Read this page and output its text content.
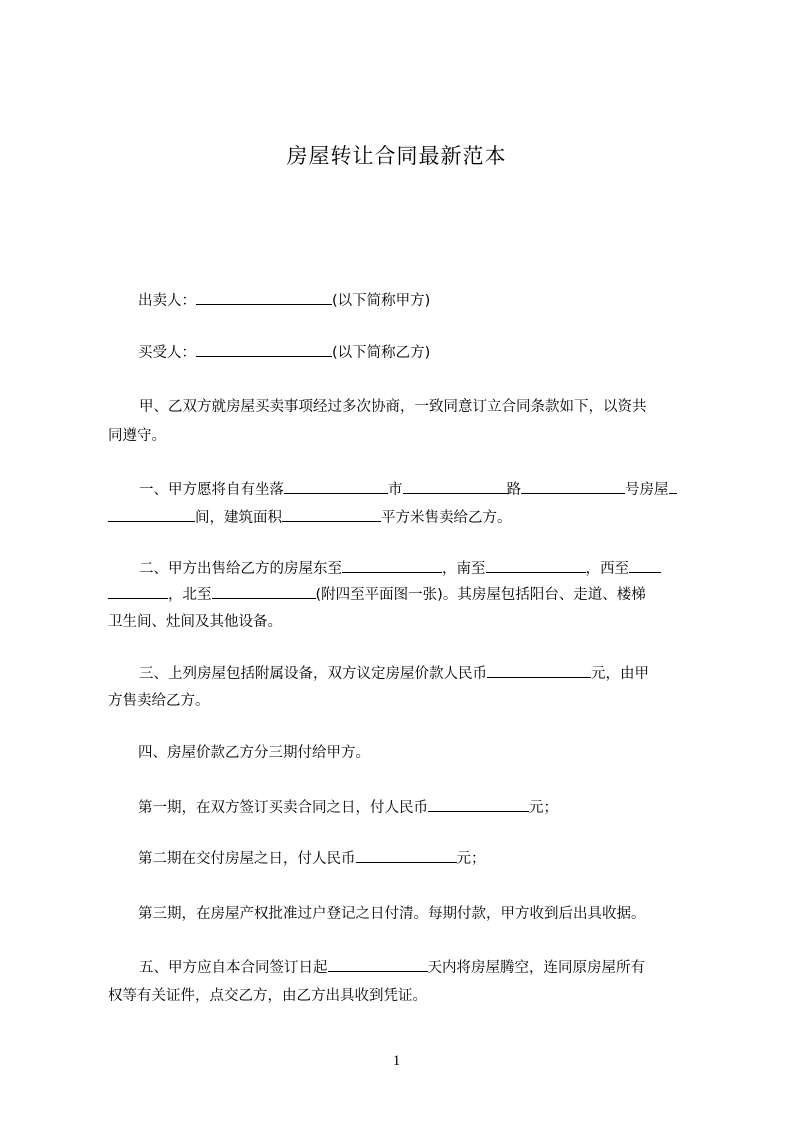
房屋转让合同最新范本
出卖人：	(以下简称甲方)
买受人：	(以下简称乙方)
甲、乙双方就房屋买卖事项经过多次协商，一致同意订立合同条款如下，以资共
同遵守。
一、甲方愿将自有坐落	市	路	号房屋
间，建筑面积	平方米售卖给乙方。
二、甲方出售给乙方的房屋东至	，南至	，西至
，北至	(附四至平面图一张)。其房屋包括阳台、走道、楼梯
卫生间、灶间及其他设备。
三、上列房屋包括附属设备，双方议定房屋价款人民币	元，由甲
方售卖给乙方。
四、房屋价款乙方分三期付给甲方。
第一期，在双方签订买卖合同之日，付人民币	元；
第二期在交付房屋之日，付人民币	元；
第三期，在房屋产权批准过户登记之日付清。每期付款，甲方收到后出具收据。
五、甲方应自本合同签订日起	天内将房屋腾空，连同原房屋所有
权等有关证件，点交乙方，由乙方出具收到凭证。
1
